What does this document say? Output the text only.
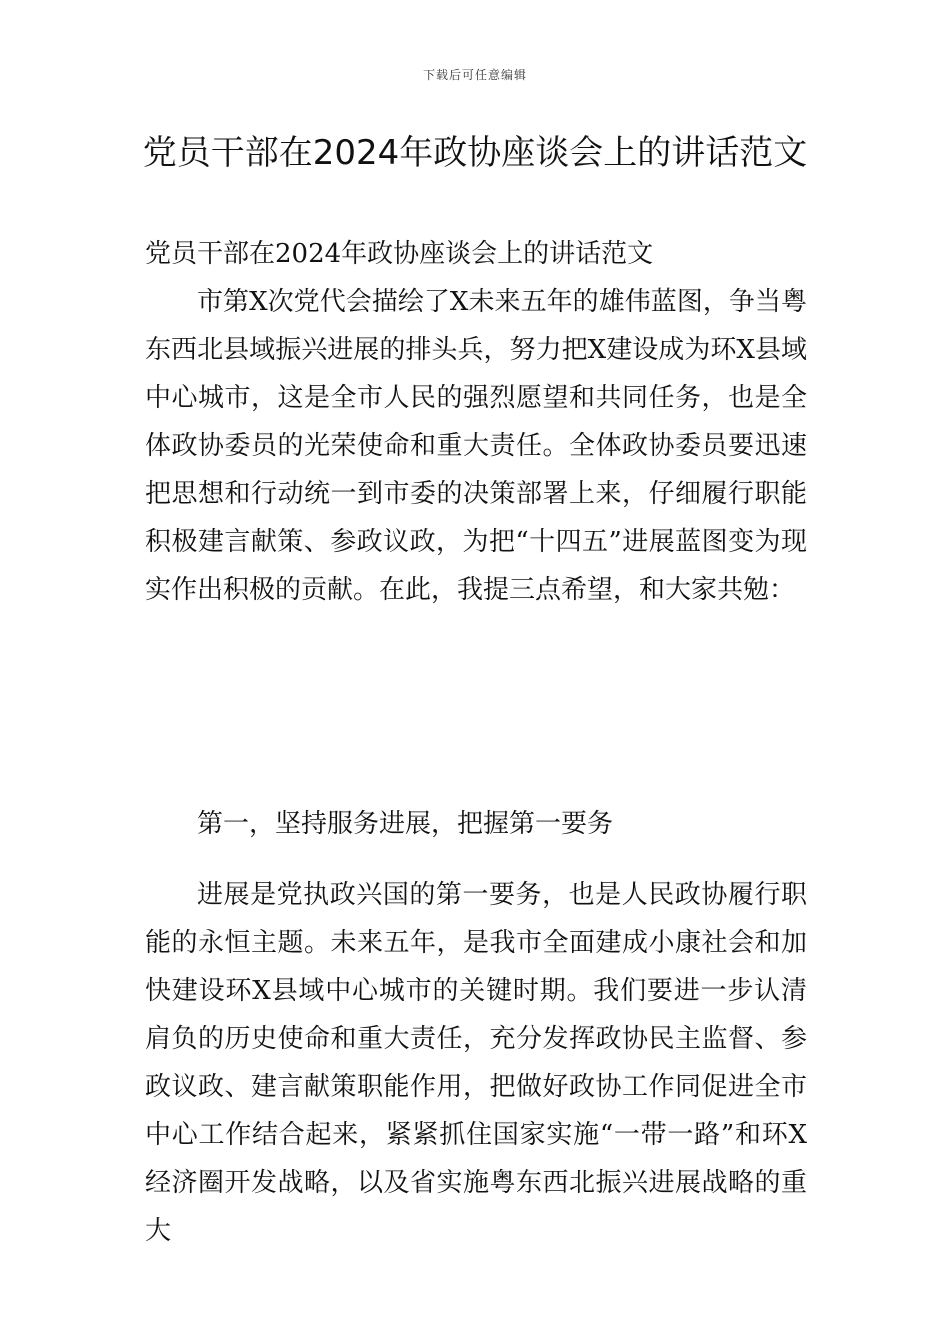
下载后可任意编辑
党员干部在2024年政协座谈会上的讲话范文

党员干部在2024年政协座谈会上的讲话范文

市第X次党代会描绘了X未来五年的雄伟蓝图，争当粤东西北县域振兴进展的排头兵，努力把X建设成为环X县域中心城市，这是全市人民的强烈愿望和共同任务，也是全体政协委员的光荣使命和重大责任。全体政协委员要迅速把思想和行动统一到市委的决策部署上来，仔细履行职能积极建言献策、参政议政，为把“十四五”进展蓝图变为现实作出积极的贡献。在此，我提三点希望，和大家共勉：

第一，坚持服务进展，把握第一要务

进展是党执政兴国的第一要务，也是人民政协履行职能的永恒主题。未来五年，是我市全面建成小康社会和加快建设环X县域中心城市的关键时期。我们要进一步认清肩负的历史使命和重大责任，充分发挥政协民主监督、参政议政、建言献策职能作用，把做好政协工作同促进全市中心工作结合起来，紧紧抓住国家实施“一带一路”和环X经济圈开发战略，以及省实施粤东西北振兴进展战略的重大
